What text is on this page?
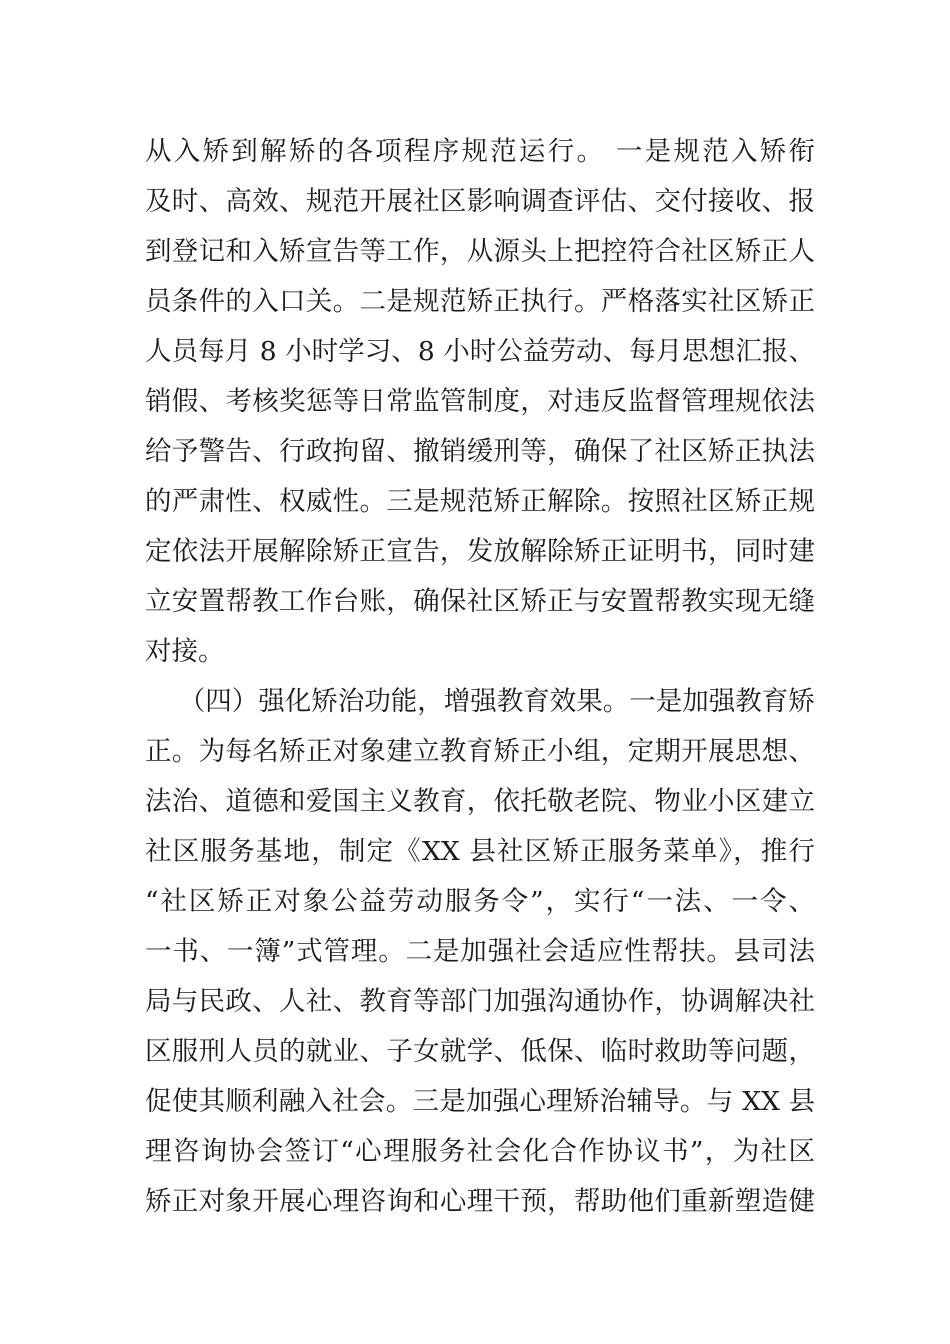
从入矫到解矫的各项程序规范运行。 一是规范入矫衔
及时、高效、规范开展社区影响调查评估、交付接收、报
到登记和入矫宣告等工作，从源头上把控符合社区矫正人
员条件的入口关。二是规范矫正执行。严格落实社区矫正
人员每月 8 小时学习、8 小时公益劳动、每月思想汇报、
销假、考核奖惩等日常监管制度，对违反监督管理规依法
给予警告、行政拘留、撤销缓刑等，确保了社区矫正执法
的严肃性、权威性。三是规范矫正解除。按照社区矫正规
定依法开展解除矫正宣告，发放解除矫正证明书，同时建
立安置帮教工作台账，确保社区矫正与安置帮教实现无缝
对接。
（四）强化矫治功能，增强教育效果。一是加强教育矫
正。为每名矫正对象建立教育矫正小组，定期开展思想、
法治、道德和爱国主义教育，依托敬老院、物业小区建立
社区服务基地，制定《XX 县社区矫正服务菜单》，推行
“社区矫正对象公益劳动服务令”，实行“一法、一令、
一书、一簿”式管理。二是加强社会适应性帮扶。县司法
局与民政、人社、教育等部门加强沟通协作，协调解决社
区服刑人员的就业、子女就学、低保、临时救助等问题，
促使其顺利融入社会。三是加强心理矫治辅导。与 XX 县
理咨询协会签订“心理服务社会化合作协议书”，为社区
矫正对象开展心理咨询和心理干预，帮助他们重新塑造健
